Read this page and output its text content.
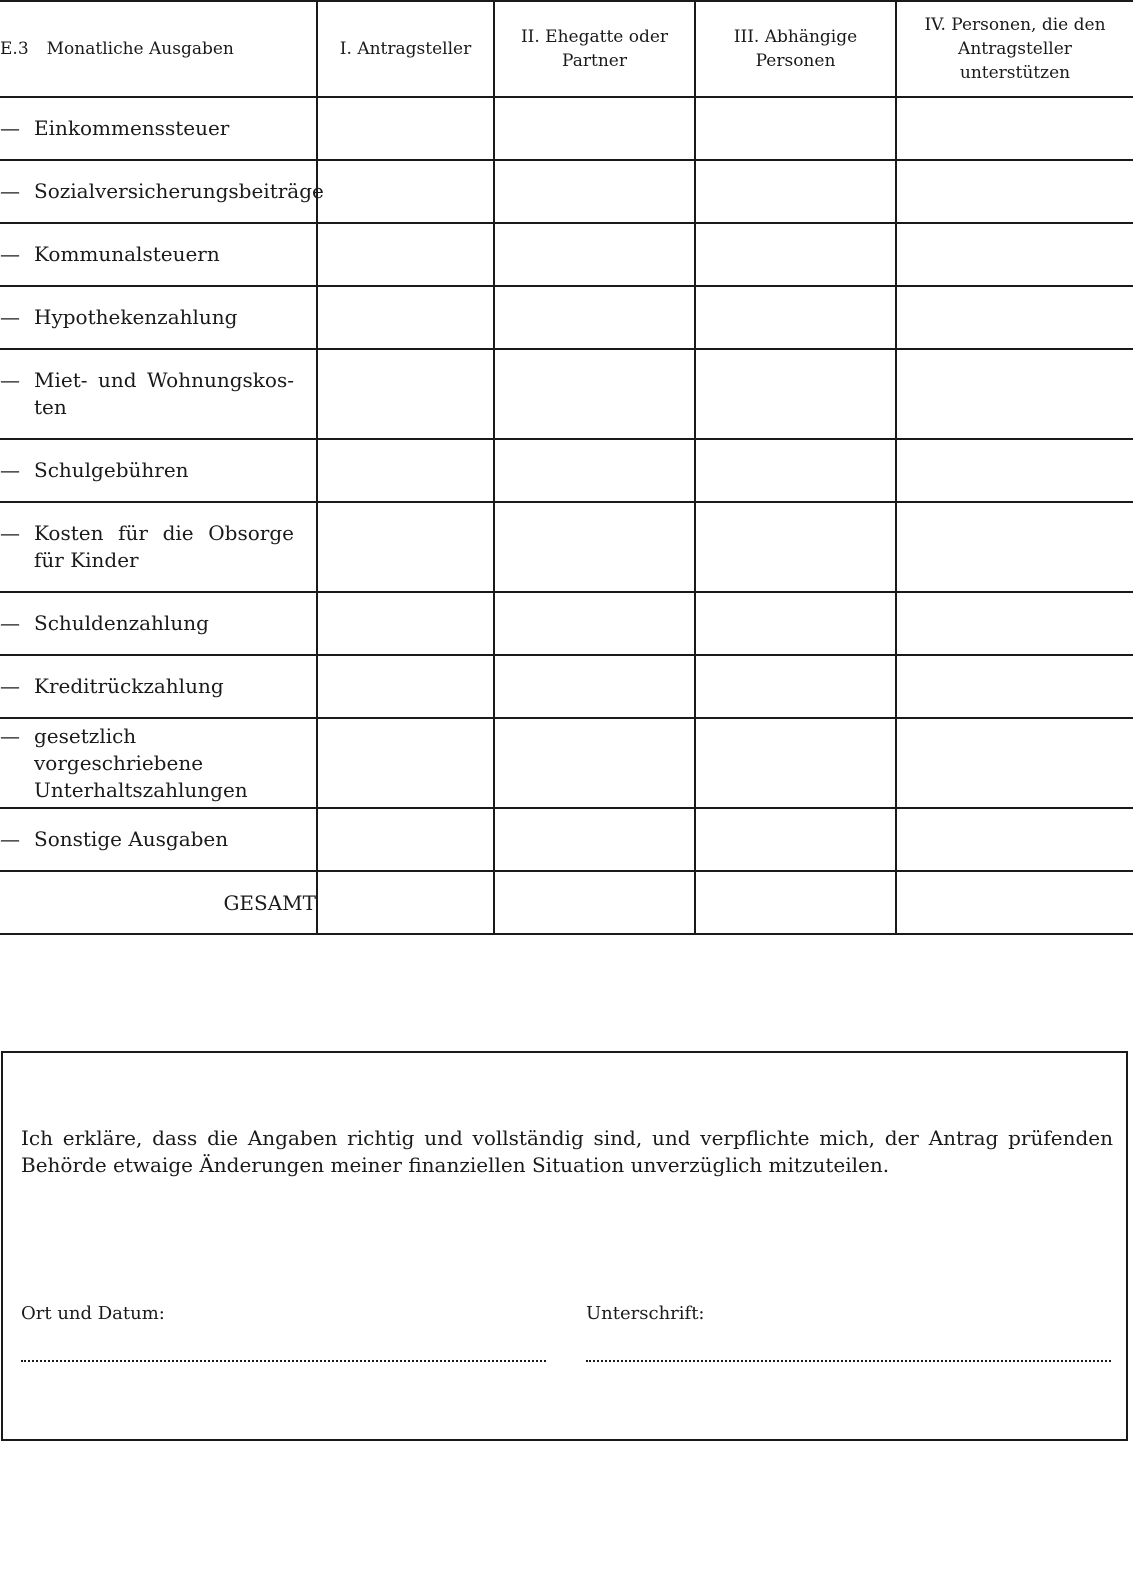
E.3 Monatliche Ausgaben	I. Antragsteller	II. Ehegatte oder Partner	III. Abhängige Personen	IV. Personen, die den Antragsteller unterstützen

— Einkommenssteuer				

— Sozialversicherungsbeiträge				

— Kommunalsteuern				

— Hypothekenzahlung				

— Miet- und Wohnungskosten				

— Schulgebühren				

— Kosten für die Obsorge für Kinder				

— Schuldenzahlung				

— Kreditrückzahlung				

— gesetzlich vorgeschriebene Unterhaltszahlungen				

— Sonstige Ausgaben				

GESAMT				
Ich erkläre, dass die Angaben richtig und vollständig sind, und verpflichte mich, der Antrag prüfenden Behörde etwaige Änderungen meiner finanziellen Situation unverzüglich mitzuteilen.
Ort und Datum:	Unterschrift:
